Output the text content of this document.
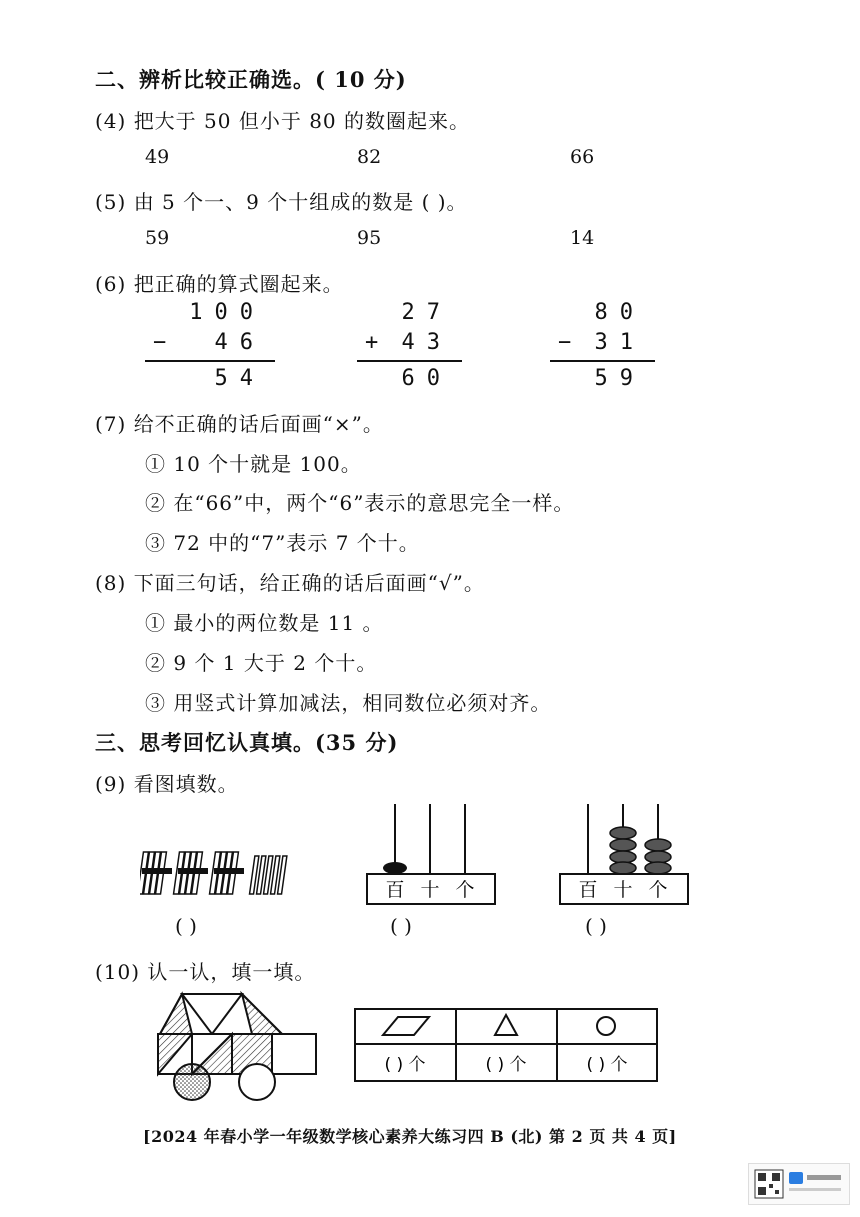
二、辨析比较正确选。( 10 分)
(4) 把大于 50 但小于 80 的数圈起来。
49	82	66
(5) 由 5 个一、9 个十组成的数是 ( )。
59	95	14
(6) 把正确的算式圈起来。
100
− 46
54
27
+ 43
60
80
− 31
59
(7) 给不正确的话后面画“×”。
① 10 个十就是 100。
② 在“66”中，两个“6”表示的意思完全一样。
③ 72 中的“7”表示 7 个十。
(8) 下面三句话，给正确的话后面画“√”。
① 最小的两位数是 11 。
② 9 个 1 大于 2 个十。
③ 用竖式计算加减法，相同数位必须对齐。
三、思考回忆认真填。(35 分)
(9) 看图填数。
( )
百 十 个
( )
百 十 个
( )
(10) 认一认，填一填。
( ) 个	( ) 个	( ) 个
[2024 年春小学一年级数学核心素养大练习四 B (北) 第 2 页 共 4 页]
